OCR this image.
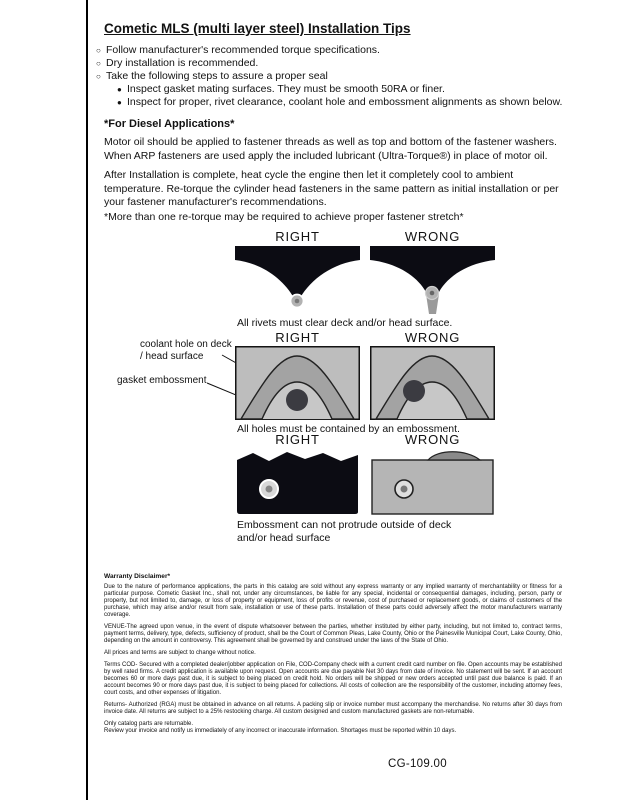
Cometic MLS (multi layer steel) Installation Tips
○ Follow manufacturer's recommended torque specifications.
○ Dry installation is recommended.
○ Take the following steps to assure a proper seal
● Inspect gasket mating surfaces. They must be smooth 50RA or finer.
● Inspect for proper, rivet clearance, coolant hole and embossment alignments as shown below.
*For Diesel Applications*
Motor oil should be applied to fastener threads as well as top and bottom of the fastener washers. When ARP fasteners are used apply the included lubricant (Ultra-Torque®) in place of motor oil.
After Installation is complete, heat cycle the engine then let it completely cool to ambient temperature. Re-torque the cylinder head fasteners in the same pattern as initial installation or per your fastener manufacturer's recommendations.
*More than one re-torque may be required to achieve proper fastener stretch*
RIGHT	WRONG
All rivets must clear deck and/or head surface.
RIGHT	WRONG
coolant hole on deck / head surface
gasket embossment
All holes must be contained by an embossment.
RIGHT	WRONG
Embossment can not protrude outside of deck and/or head surface
Warranty Disclaimer*

Due to the nature of performance applications, the parts in this catalog are sold without any express warranty or any implied warranty of merchantability or fitness for a particular purpose. Cometic Gasket Inc., shall not, under any circumstances, be liable for any special, incidental or consequential damages, including, person, party or property, but not limited to, damage, or loss of property or equipment, loss of profits or revenue, cost of purchased or replacement goods, or claims of customers of the purchase, which may arise and/or result from sale, installation or use of these parts. Installation of these parts could adversely affect the motor manufacturers warranty coverage.

VENUE-The agreed upon venue, in the event of dispute whatsoever between the parties, whether instituted by either party, including, but not limited to, contract terms, payment terms, delivery, type, defects, sufficiency of product, shall be the Court of Common Pleas, Lake County, Ohio or the Painesville Municipal Court, Lake County, Ohio, depending on the amount in controversy. This agreement shall be governed by and construed under the laws of the State of Ohio.

All prices and terms are subject to change without notice.

Terms COD- Secured with a completed dealer/jobber application on File, COD-Company check with a current credit card number on file. Open accounts may be established by well rated firms. A credit application is available upon request. Open accounts are due payable Net 30 days from date of invoice. No statement will be sent. If an account becomes 60 or more days past due, it is subject to being placed on credit hold. No orders will be shipped or new orders accepted until past due balance is paid. If an account becomes 90 or more days past due, it is subject to being placed for collections. All costs of collection are the responsibility of the customer, including attorney fees, court costs, and other expenses of litigation.

Returns- Authorized (RGA) must be obtained in advance on all returns. A packing slip or invoice number must accompany the merchandise. No returns after 30 days from invoice date. All returns are subject to a 25% restocking charge. All custom designed and custom manufactured gaskets are non-returnable.

Only catalog parts are returnable.

Review your invoice and notify us immediately of any incorrect or inaccurate information. Shortages must be reported within 10 days.

CG-109.00
